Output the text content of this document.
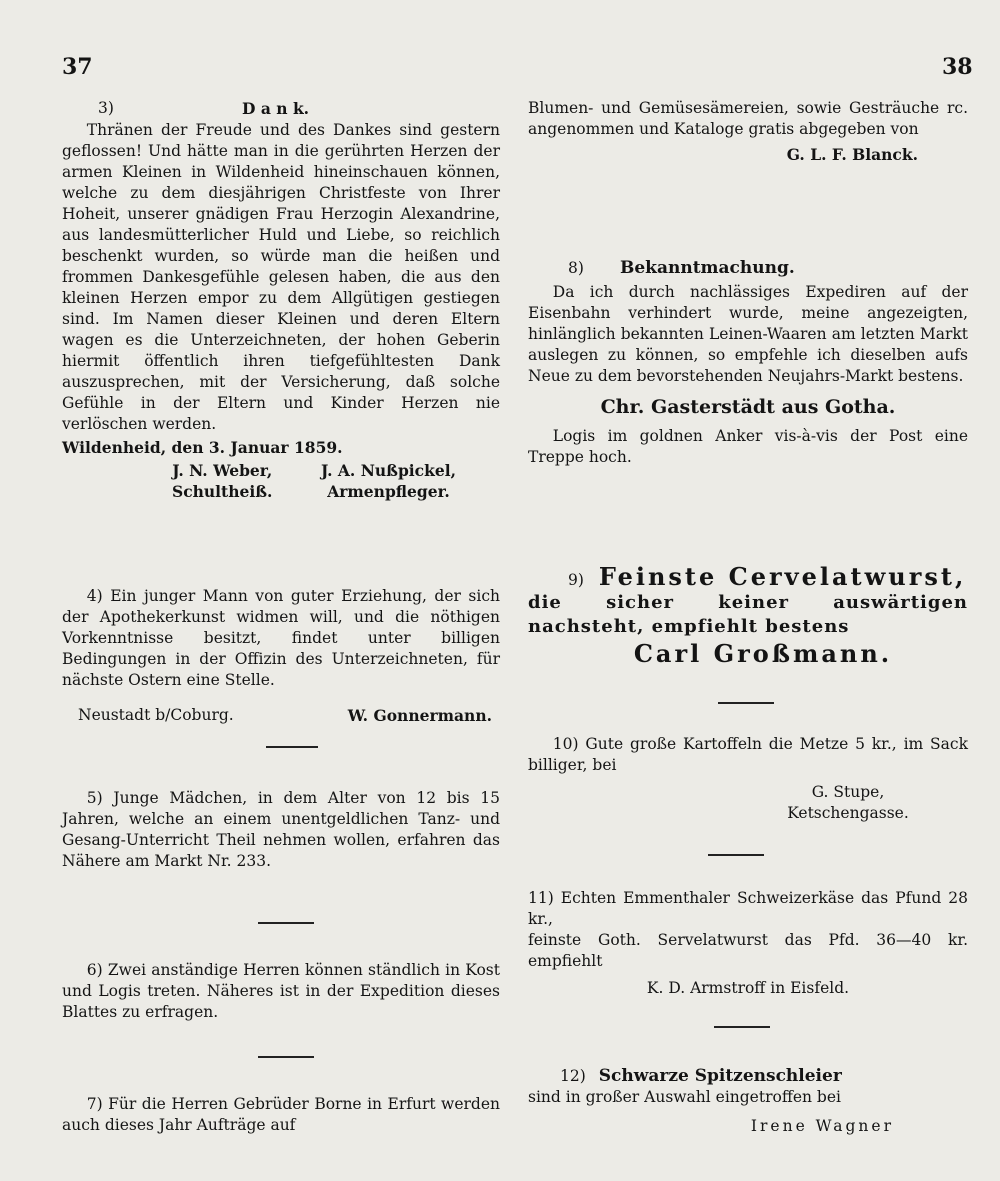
37	38
3)	D a n k.
Thränen der Freude und des Dankes sind gestern geflossen! Und hätte man in die gerührten Herzen der armen Kleinen in Wildenheid hineinschauen können, welche zu dem diesjährigen Christfeste von Ihrer Hoheit, unserer gnädigen Frau Herzogin Alexandrine, aus landesmütterlicher Huld und Liebe, so reichlich beschenkt wurden, so würde man die heißen und frommen Dankesgefühle gelesen haben, die aus den kleinen Herzen empor zu dem Allgütigen gestiegen sind. Im Namen dieser Kleinen und deren Eltern wagen es die Unterzeichneten, der hohen Geberin hiermit öffentlich ihren tiefgefühltesten Dank auszusprechen, mit der Versicherung, daß solche Gefühle in der Eltern und Kinder Herzen nie verlöschen werden.
Wildenheid, den 3. Januar 1859.
J. N. Weber,
Schultheiß.
J. A. Nußpickel,
Armenpfleger.
4) Ein junger Mann von guter Erziehung, der sich der Apothekerkunst widmen will, und die nöthigen Vorkenntnisse besitzt, findet unter billigen Bedingungen in der Offizin des Unterzeichneten, für nächste Ostern eine Stelle.
Neustadt b/Coburg.	W. Gonnermann.
5) Junge Mädchen, in dem Alter von 12 bis 15 Jahren, welche an einem unentgeldlichen Tanz- und Gesang-Unterricht Theil nehmen wollen, erfahren das Nähere am Markt Nr. 233.
6) Zwei anständige Herren können ständlich in Kost und Logis treten. Näheres ist in der Expedition dieses Blattes zu erfragen.
7) Für die Herren Gebrüder Borne in Erfurt werden auch dieses Jahr Aufträge auf
Blumen- und Gemüsesämereien, sowie Gesträuche rc. angenommen und Kataloge gratis abgegeben von
G. L. F. Blanck.
8) Bekanntmachung.
Da ich durch nachlässiges Expediren auf der Eisenbahn verhindert wurde, meine angezeigten, hinlänglich bekannten Leinen-Waaren am letzten Markt auslegen zu können, so empfehle ich dieselben aufs Neue zu dem bevorstehenden Neujahrs-Markt bestens.
Chr. Gasterstädt aus Gotha.
Logis im goldnen Anker vis-à-vis der Post eine Treppe hoch.
9) Feinste Cervelatwurst,
die sicher keiner auswärtigen nachsteht, empfiehlt bestens
Carl Großmann.
10) Gute große Kartoffeln die Metze 5 kr., im Sack billiger, bei
G. Stupe,
Ketschengasse.
11) Echten Emmenthaler Schweizerkäse das Pfund 28 kr.,
feinste Goth. Servelatwurst das Pfd. 36—40 kr. empfiehlt
K. D. Armstroff in Eisfeld.
12) Schwarze Spitzenschleier
sind in großer Auswahl eingetroffen bei
Irene Wagner
